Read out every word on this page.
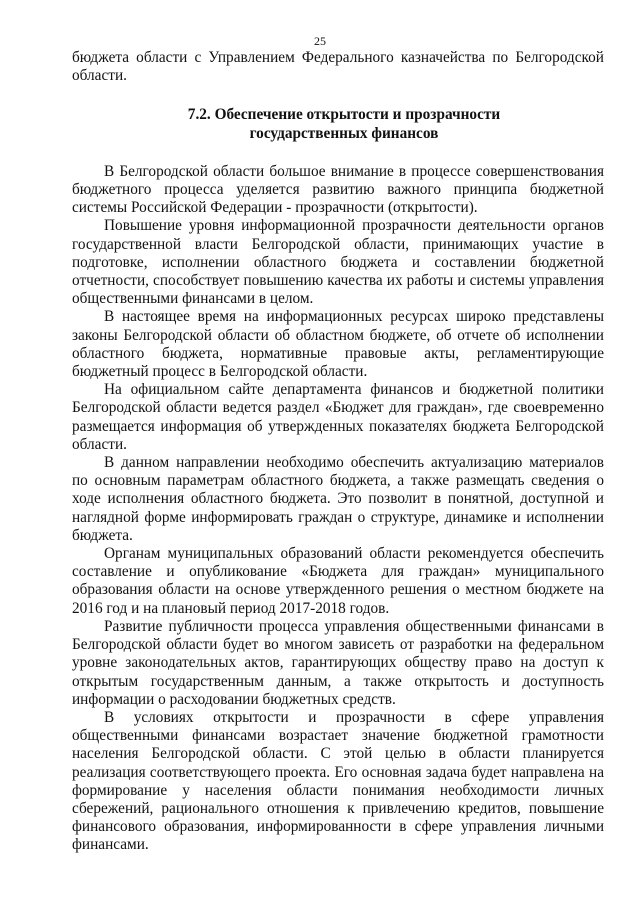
25

бюджета области с Управлением Федерального казначейства по Белгородской области.

7.2. Обеспечение открытости и прозрачности государственных финансов

В Белгородской области большое внимание в процессе совершенствования бюджетного процесса уделяется развитию важного принципа бюджетной системы Российской Федерации - прозрачности (открытости).

Повышение уровня информационной прозрачности деятельности органов государственной власти Белгородской области, принимающих участие в подготовке, исполнении областного бюджета и составлении бюджетной отчетности, способствует повышению качества их работы и системы управления общественными финансами в целом.

В настоящее время на информационных ресурсах широко представлены законы Белгородской области об областном бюджете, об отчете об исполнении областного бюджета, нормативные правовые акты, регламентирующие бюджетный процесс в Белгородской области.

На официальном сайте департамента финансов и бюджетной политики Белгородской области ведется раздел «Бюджет для граждан», где своевременно размещается информация об утвержденных показателях бюджета Белгородской области.

В данном направлении необходимо обеспечить актуализацию материалов по основным параметрам областного бюджета, а также размещать сведения о ходе исполнения областного бюджета. Это позволит в понятной, доступной и наглядной форме информировать граждан о структуре, динамике и исполнении бюджета.

Органам муниципальных образований области рекомендуется обеспечить составление и опубликование «Бюджета для граждан» муниципального образования области на основе утвержденного решения о местном бюджете на 2016 год и на плановый период 2017-2018 годов.

Развитие публичности процесса управления общественными финансами в Белгородской области будет во многом зависеть от разработки на федеральном уровне законодательных актов, гарантирующих обществу право на доступ к открытым государственным данным, а также открытость и доступность информации о расходовании бюджетных средств.

В условиях открытости и прозрачности в сфере управления общественными финансами возрастает значение бюджетной грамотности населения Белгородской области. С этой целью в области планируется реализация соответствующего проекта. Его основная задача будет направлена на формирование у населения области понимания необходимости личных сбережений, рационального отношения к привлечению кредитов, повышение финансового образования, информированности в сфере управления личными финансами.
